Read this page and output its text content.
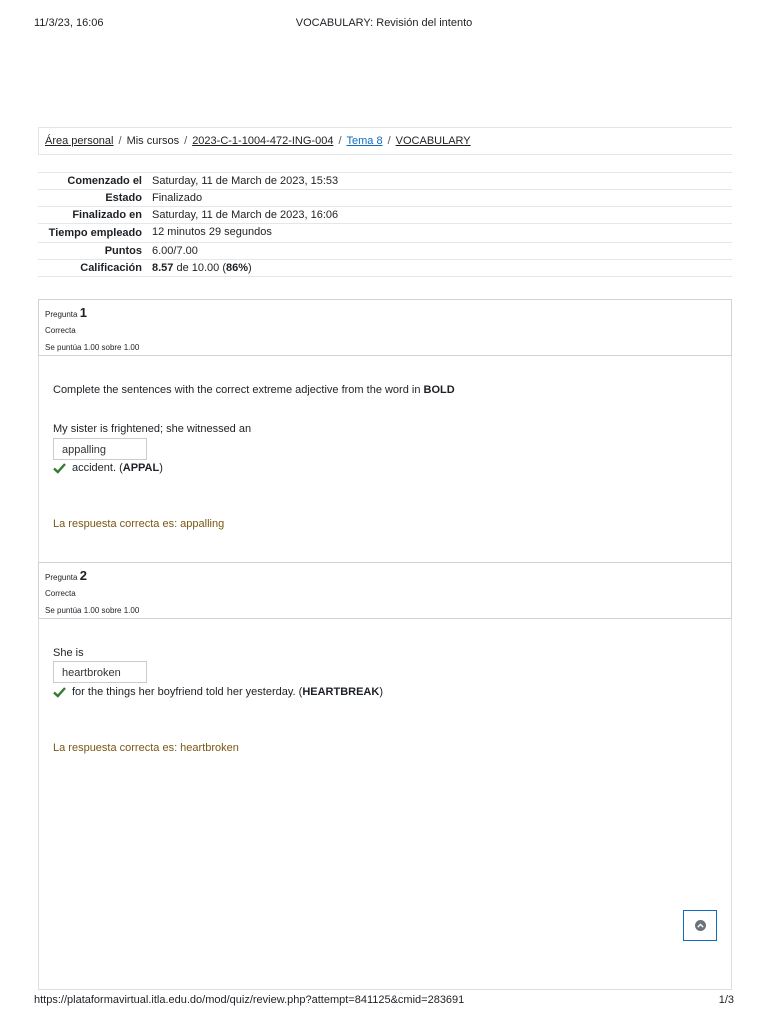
11/3/23, 16:06	VOCABULARY: Revisión del intento
Área personal / Mis cursos / 2023-C-1-1004-472-ING-004 / Tema 8 / VOCABULARY
Comenzado el	Saturday, 11 de March de 2023, 15:53
Estado	Finalizado
Finalizado en	Saturday, 11 de March de 2023, 16:06
Tiempo empleado	12 minutos 29 segundos
Puntos	6.00/7.00
Calificación	8.57 de 10.00 (86%)
Pregunta 1
Correcta
Se puntúa 1.00 sobre 1.00
Complete the sentences with the correct extreme adjective from the word in BOLD
My sister is frightened; she witnessed an
appalling
accident. ( APPAL )
La respuesta correcta es: appalling
Pregunta 2
Correcta
Se puntúa 1.00 sobre 1.00
She is
heartbroken
for the things her boyfriend told her yesterday. ( HEARTBREAK )
La respuesta correcta es: heartbroken
https://plataformavirtual.itla.edu.do/mod/quiz/review.php?attempt=841125&cmid=283691	1/3
